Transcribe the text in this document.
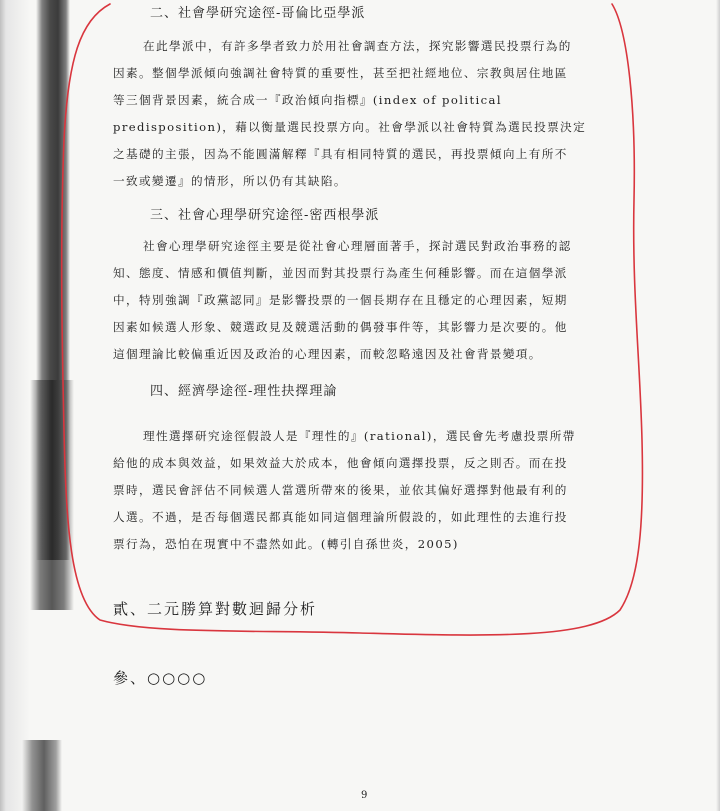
二、社會學研究途徑-哥倫比亞學派
在此學派中，有許多學者致力於用社會調查方法，探究影響選民投票行為的
因素。整個學派傾向強調社會特質的重要性，甚至把社經地位、宗教與居住地區
等三個背景因素，統合成一『政治傾向指標』(index of political
predisposition)，藉以衡量選民投票方向。社會學派以社會特質為選民投票決定
之基礎的主張，因為不能圓滿解釋『具有相同特質的選民，再投票傾向上有所不
一致或變遷』的情形，所以仍有其缺陷。
三、社會心理學研究途徑-密西根學派
社會心理學研究途徑主要是從社會心理層面著手，探討選民對政治事務的認
知、態度、情感和價值判斷，並因而對其投票行為產生何種影響。而在這個學派
中，特別強調『政黨認同』是影響投票的一個長期存在且穩定的心理因素，短期
因素如候選人形象、競選政見及競選活動的偶發事件等，其影響力是次要的。他
這個理論比較偏重近因及政治的心理因素，而較忽略遠因及社會背景變項。
四、經濟學途徑-理性抉擇理論
理性選擇研究途徑假設人是『理性的』(rational)，選民會先考慮投票所帶
給他的成本與效益，如果效益大於成本，他會傾向選擇投票，反之則否。而在投
票時，選民會評估不同候選人當選所帶來的後果，並依其偏好選擇對他最有利的
人選。不過，是否每個選民都真能如同這個理論所假設的，如此理性的去進行投
票行為，恐怕在現實中不盡然如此。(轉引自孫世炎，2005)
貳、二元勝算對數迴歸分析
參、○○○○
9
